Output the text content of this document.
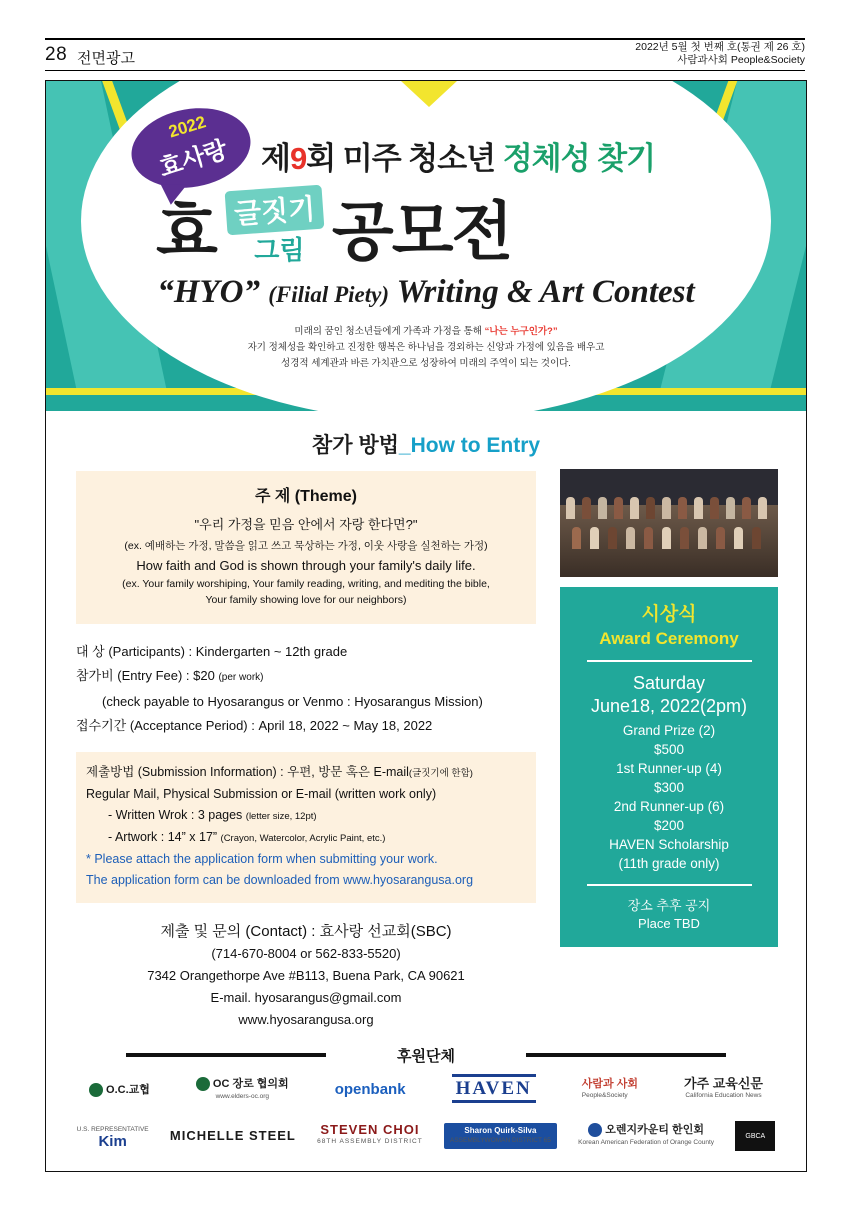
28 전면광고
2022년 5월 첫 번째 호(통권 제 26 호)
사람과사회 People&Society
2022
효사랑 제9회 미주 청소년 정체성 찾기
효 글짓기
그림 공모전
“HYO” (Filial Piety) Writing & Art Contest
미래의 꿈인 청소년들에게 가족과 가정을 통해 “나는 누구인가?”
자기 정체성을 확인하고 진정한 행복은 하나님을 경외하는 신앙과 가정에 있음을 배우고
성경적 세계관과 바른 가치관으로 성장하여 미래의 주역이 되는 것이다.
참가 방법_How to Entry
주 제 (Theme)
"우리 가정을 믿음 안에서 자랑 한다면?"
(ex. 예배하는 가정, 말씀을 읽고 쓰고 묵상하는 가정, 이웃 사랑을 실천하는 가정)
How faith and God is shown through your family's daily life.
(ex. Your family worshiping, Your family reading, writing, and mediting the bible,
Your family showing love for our neighbors)
대 상 (Participants) : Kindergarten ~ 12th grade
참가비 (Entry Fee) : $20 (per work)
(check payable to Hyosarangus or Venmo : Hyosarangus Mission)
접수기간 (Acceptance Period) : April 18, 2022 ~ May 18, 2022
제출방법 (Submission Information) : 우편, 방문 혹은 E-mail(글짓기에 한함)
Regular Mail, Physical Submission or E-mail (written work only)
- Written Wrok : 3 pages (letter size, 12pt)
- Artwork : 14” x 17” (Crayon, Watercolor, Acrylic Paint, etc.)
* Please attach the application form when submitting your work.
The application form can be downloaded from www.hyosarangusa.org
제출 및 문의 (Contact) : 효사랑 선교회(SBC)
(714-670-8004 or 562-833-5520)
7342 Orangethorpe Ave #B113, Buena Park, CA 90621
E-mail. hyosarangus@gmail.com
www.hyosarangusa.org
시상식
Award Ceremony
Saturday
June18, 2022(2pm)
Grand Prize (2)
$500
1st Runner-up (4)
$300
2nd Runner-up (6)
$200
HAVEN Scholarship
(11th grade only)
장소 추후 공지
Place TBD
후원단체
O.C.교협	OC 장로 협의회
www.elders-oc.org	openbank	HAVEN	사람과 사회
People&Society
가주 교육신문
California Education News
U.S. REPRESENTATIVE
Kim	MICHELLE STEEL STEVEN CHOI
68TH ASSEMBLY DISTRICT
Sharon Quirk-Silva
ASSEMBLYWOMAN DISTRICT 65
오렌지카운티 한인회
Korean American Federation of Orange County
GBCA
